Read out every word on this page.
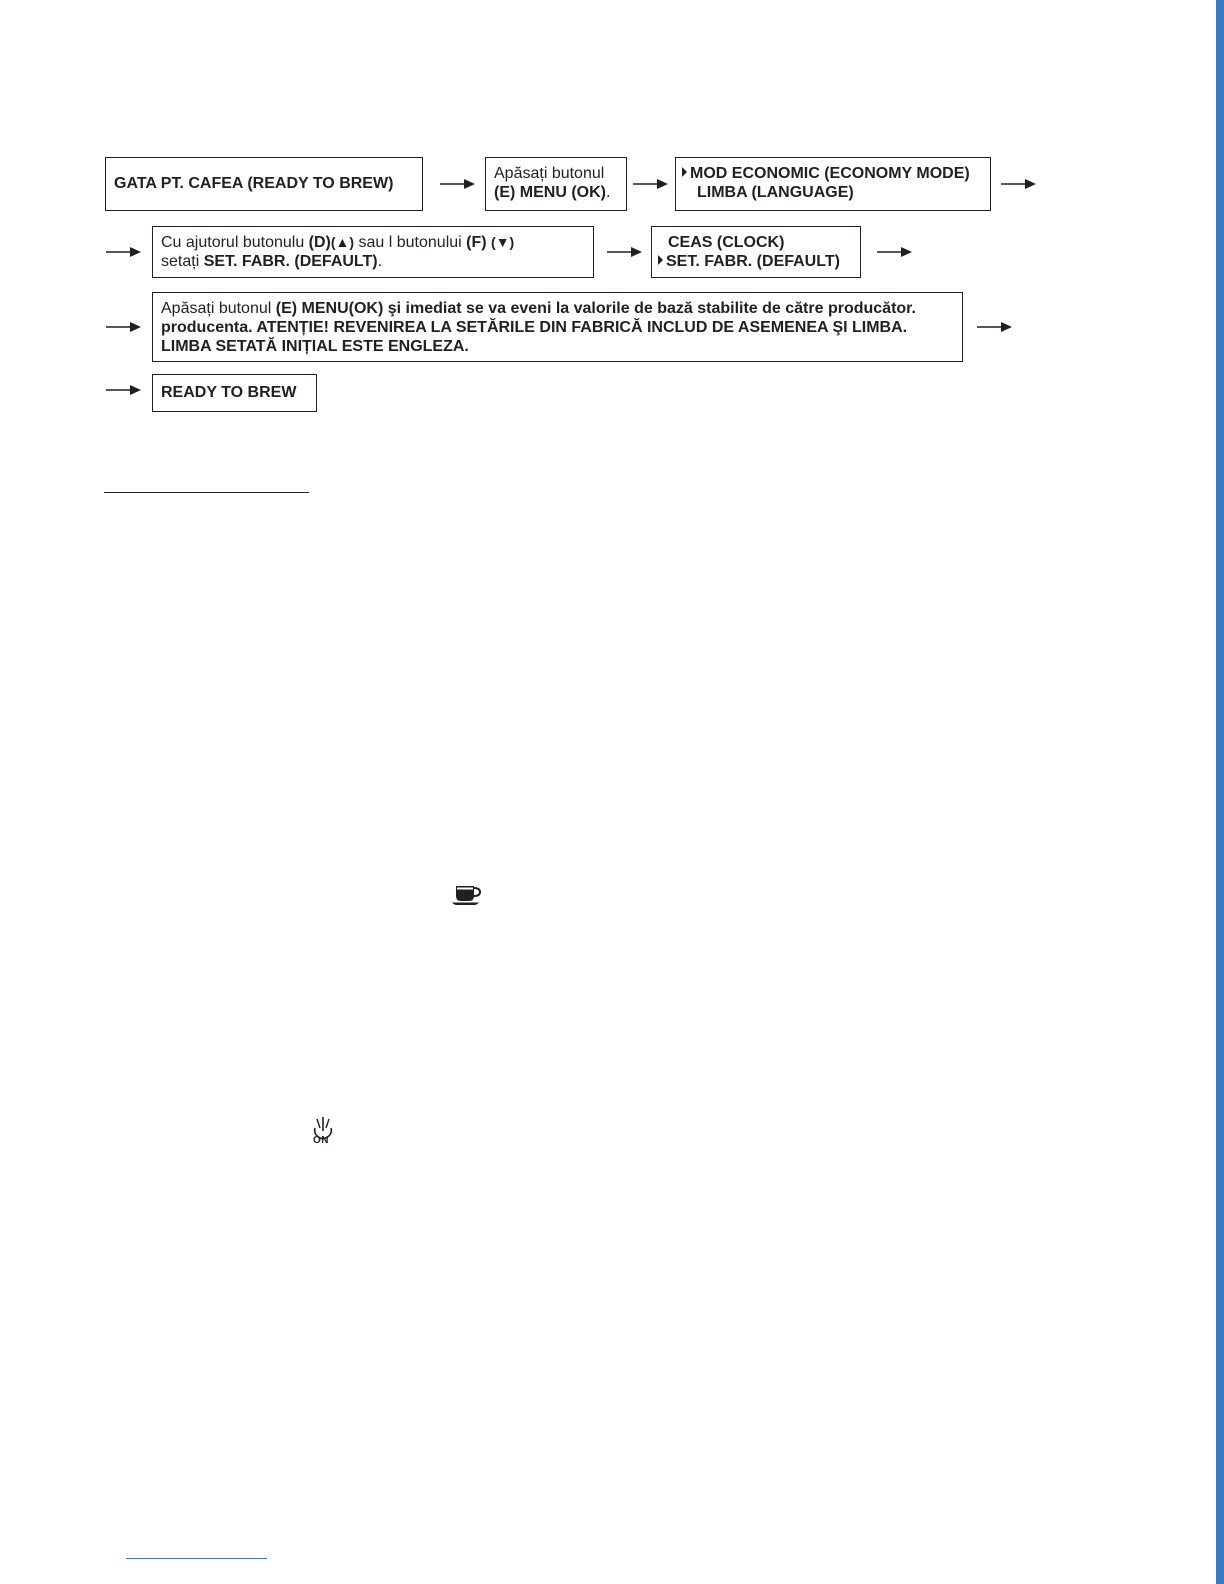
GATA PT. CAFEA (READY TO BREW)
Apăsați butonul
(E) MENU (OK).
MOD ECONOMIC (ECONOMY MODE)
LIMBA (LANGUAGE)
Cu ajutorul butonulu (D)(▲) sau l butonului (F) (▼)
setați SET. FABR. (DEFAULT).
CEAS (CLOCK)
SET. FABR. (DEFAULT)
Apăsați butonul (E) MENU(OK) şi imediat se va eveni la valorile de bază stabilite de către producător.
producenta. ATENȚIE! REVENIREA LA SETĂRILE DIN FABRICĂ INCLUD DE ASEMENEA ŞI LIMBA.
LIMBA SETATĂ INIȚIAL ESTE ENGLEZA.
READY TO BREW
ON
